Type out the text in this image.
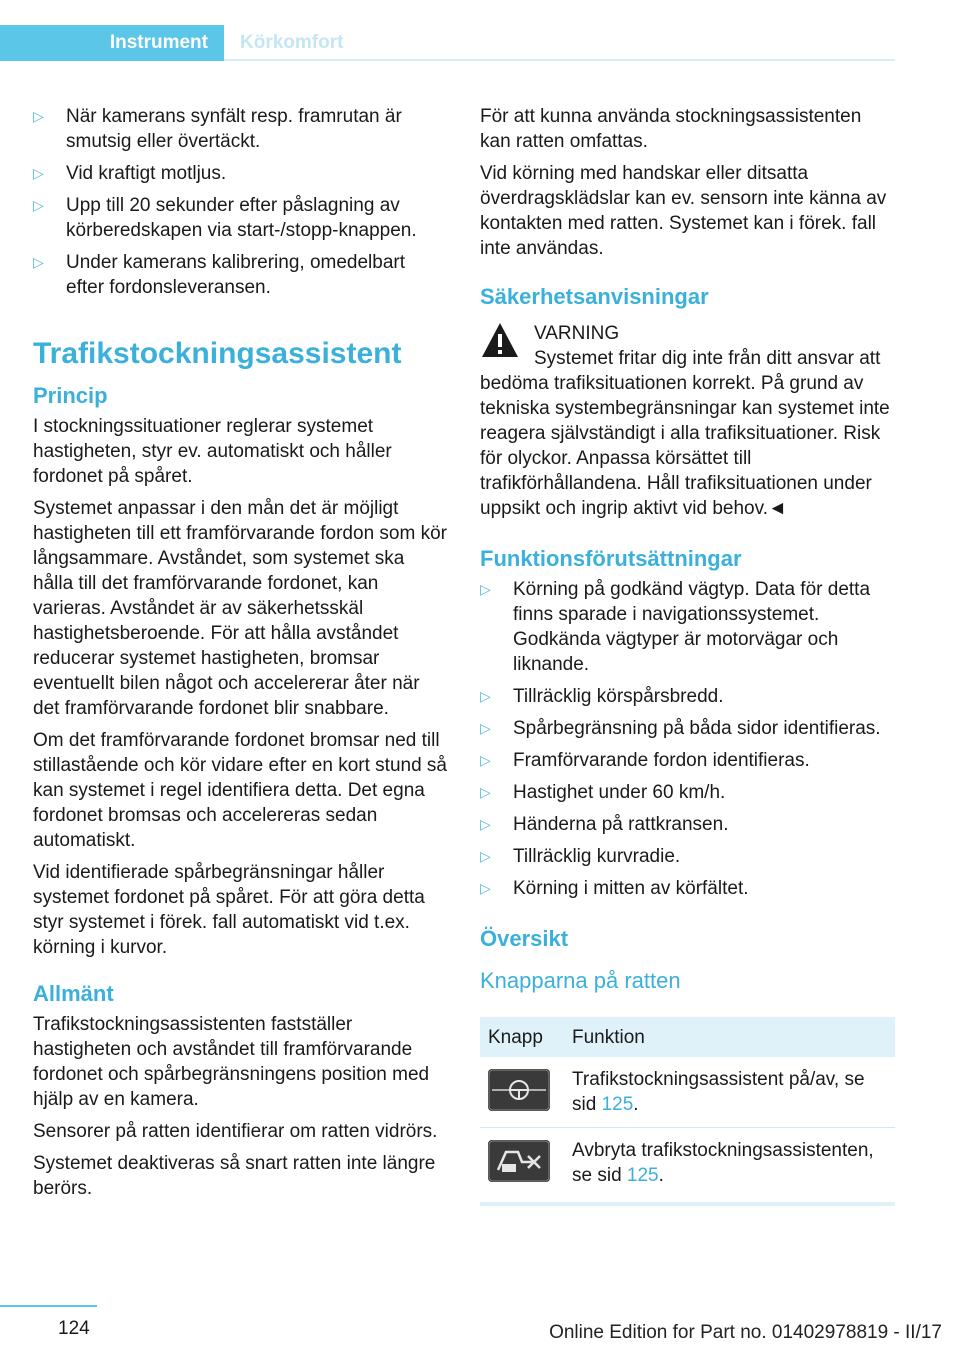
Instrument	Körkomfort
▷ När kamerans synfält resp. framrutan är smutsig eller övertäckt.
▷ Vid kraftigt motljus.
▷ Upp till 20 sekunder efter påslagning av körberedskapen via start-/stopp-knappen.
▷ Under kamerans kalibrering, omedelbart efter fordonsleveransen.
Trafikstockningsassistent
Princip

I stockningssituationer reglerar systemet hastigheten, styr ev. automatiskt och håller fordonet på spåret.

Systemet anpassar i den mån det är möjligt hastigheten till ett framförvarande fordon som kör långsammare. Avståndet, som systemet ska hålla till det framförvarande fordonet, kan varieras. Avståndet är av säkerhetsskäl hastighetsberoende. För att hålla avståndet reducerar systemet hastigheten, bromsar eventuellt bilen något och accelererar åter när det framförvarande fordonet blir snabbare.

Om det framförvarande fordonet bromsar ned till stillastående och kör vidare efter en kort stund så kan systemet i regel identifiera detta. Det egna fordonet bromsas och accelereras sedan automatiskt.

Vid identifierade spårbegränsningar håller systemet fordonet på spåret. För att göra detta styr systemet i förek. fall automatiskt vid t.ex. körning i kurvor.

Allmänt

Trafikstockningsassistenten fastställer hastigheten och avståndet till framförvarande fordonet och spårbegränsningens position med hjälp av en kamera.

Sensorer på ratten identifierar om ratten vidrörs.

Systemet deaktiveras så snart ratten inte längre berörs.

För att kunna använda stockningsassistenten kan ratten omfattas.

Vid körning med handskar eller ditsatta överdragsklädslar kan ev. sensorn inte känna av kontakten med ratten. Systemet kan i förek. fall inte användas.

Säkerhetsanvisningar
VARNING
Systemet fritar dig inte från ditt ansvar att bedöma trafiksituationen korrekt. På grund av tekniska systembegränsningar kan systemet inte reagera självständigt i alla trafiksituationer. Risk för olyckor. Anpassa körsättet till trafikförhållandena. Håll trafiksituationen under uppsikt och ingrip aktivt vid behov.◄
Funktionsförutsättningar
▷ Körning på godkänd vägtyp. Data för detta finns sparade i navigationssystemet. Godkända vägtyper är motorvägar och liknande.
▷ Tillräcklig körspårsbredd.
▷ Spårbegränsning på båda sidor identifieras.
▷ Framförvarande fordon identifieras.
▷ Hastighet under 60 km/h.
▷ Händerna på rattkransen.
▷ Tillräcklig kurvradie.
▷ Körning i mitten av körfältet.
Översikt
Knapparna på ratten
Knapp	Funktion

	Trafikstockningsassistent på/av, se sid 125.

	Avbryta trafikstockningsassistenten, se sid 125.
124	Online Edition for Part no. 01402978819 - II/17
